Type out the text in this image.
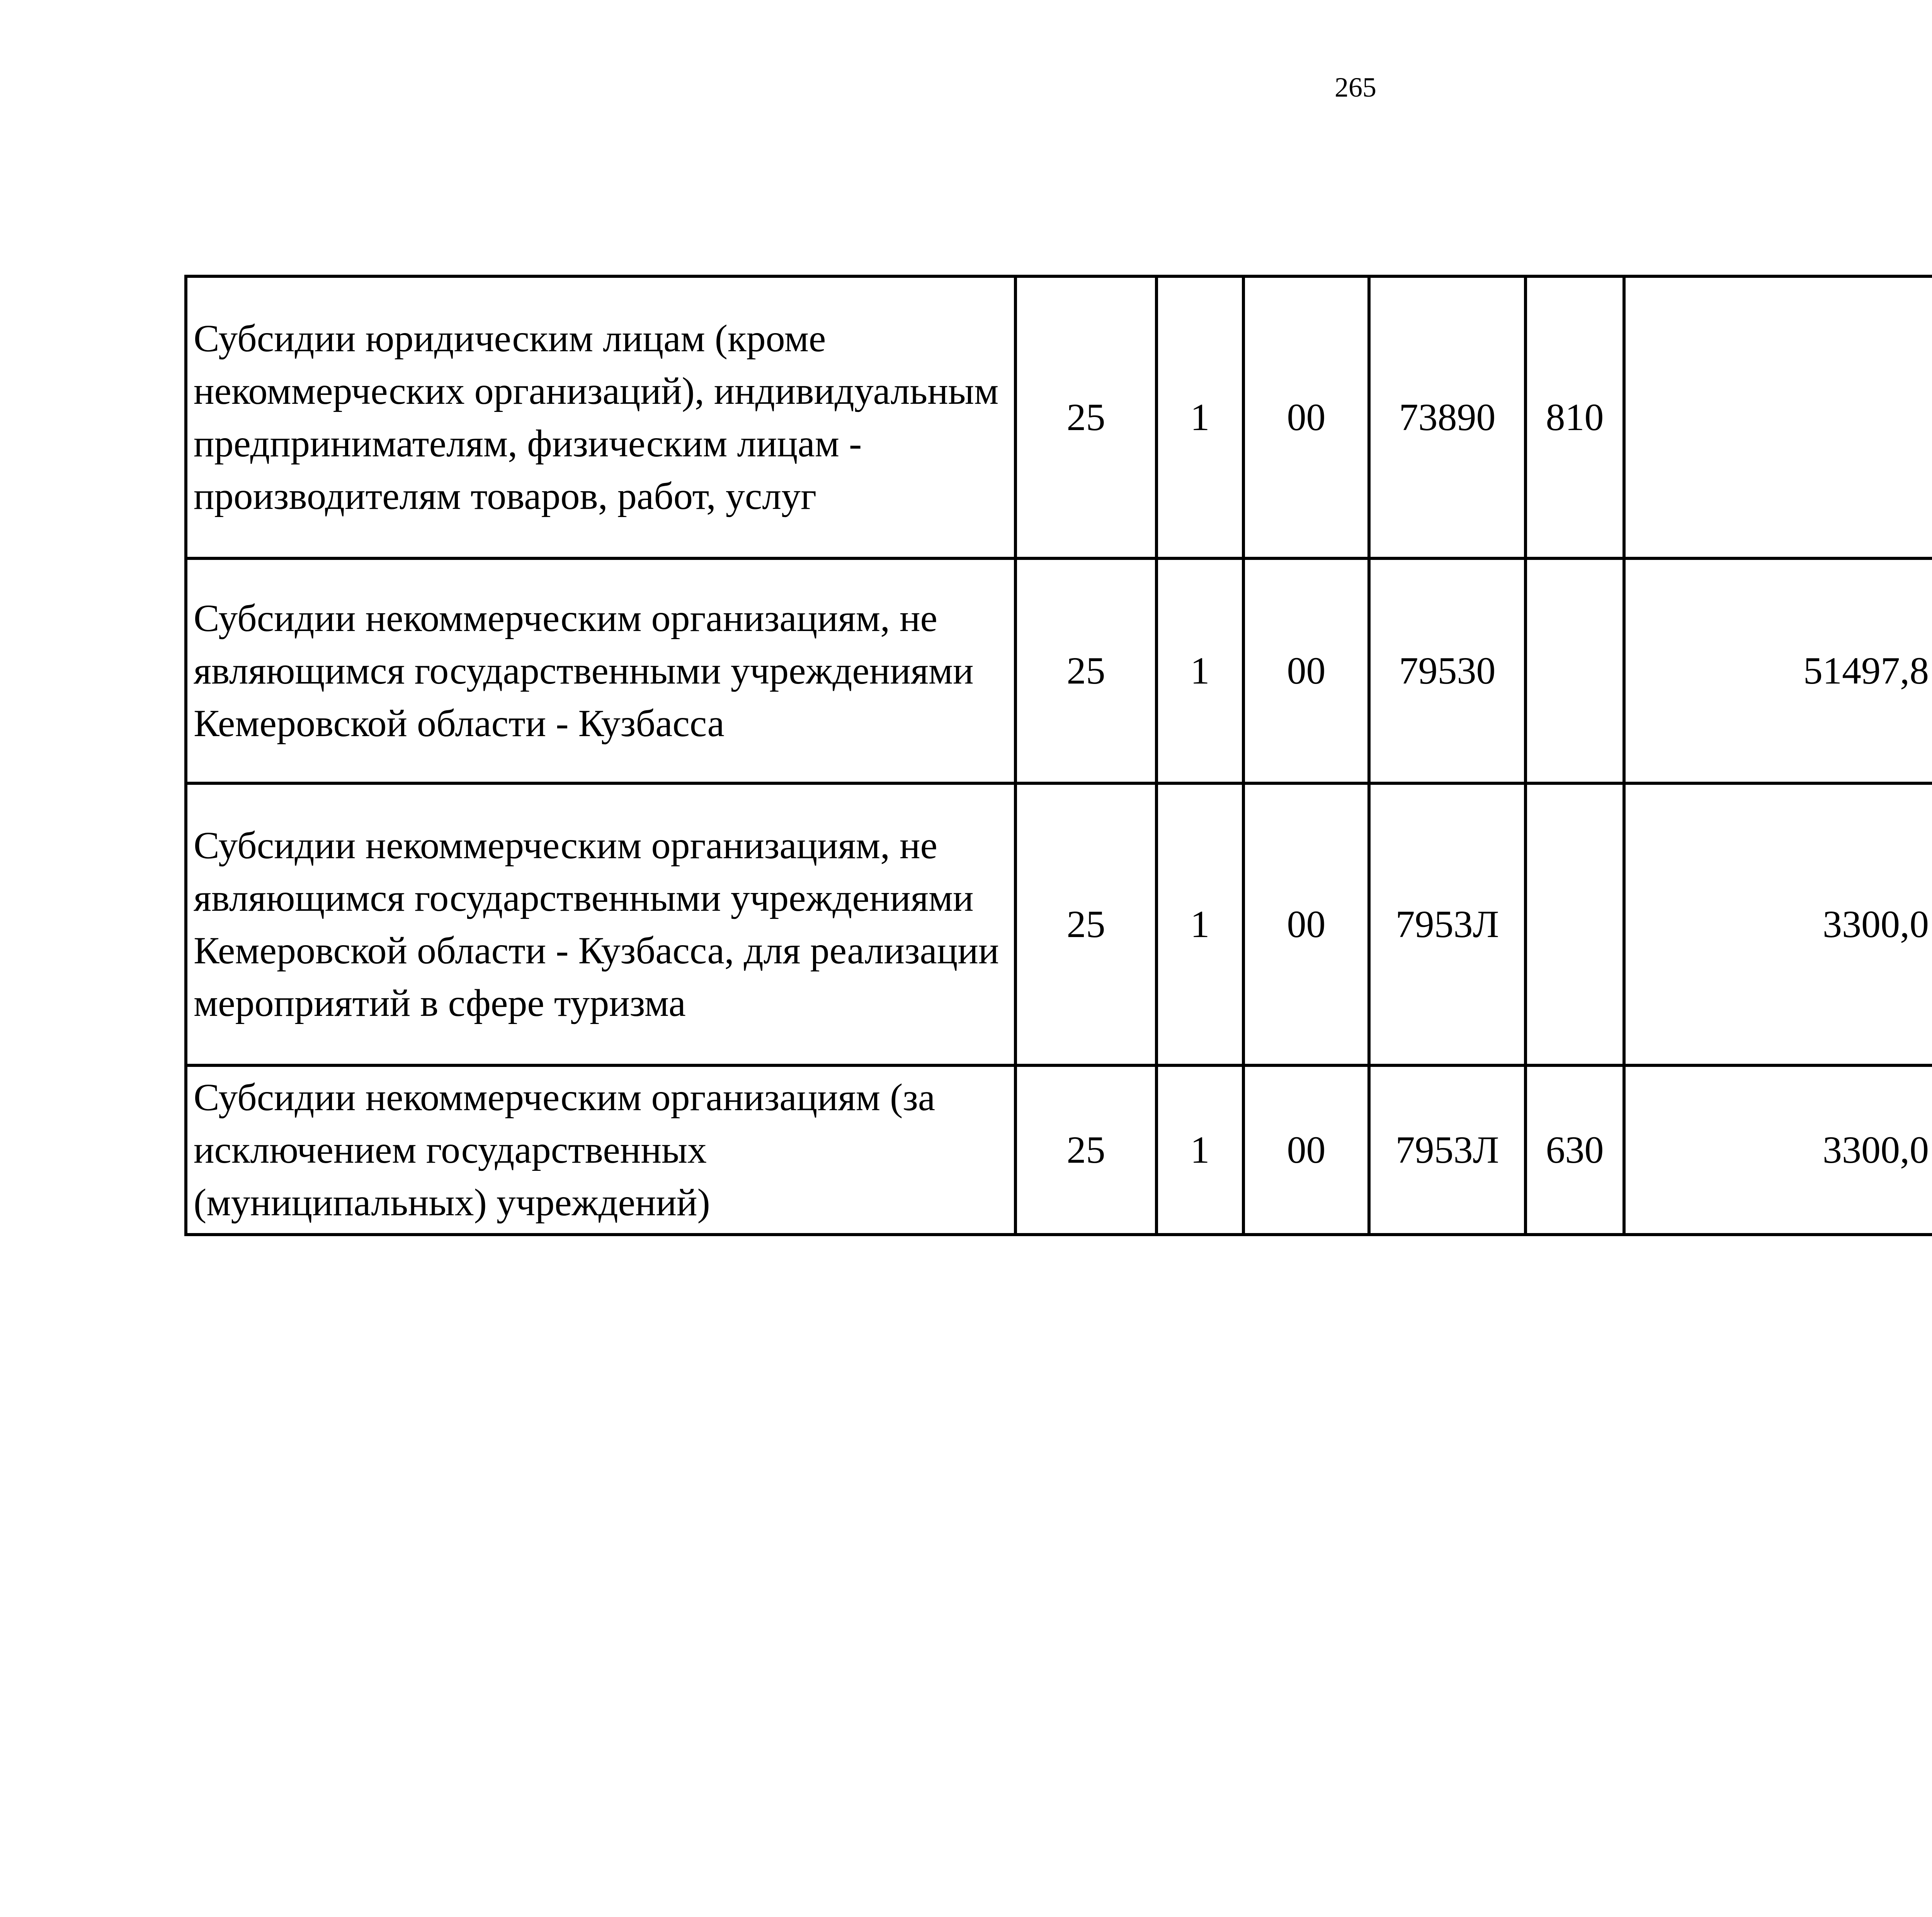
265
Субсидии юридическим лицам (кроме некоммерческих организаций), индивидуальным предпринимателям, физическим лицам - производителям товаров, работ, услуг	25	1	00	73890	810			
Субсидии некоммерческим организациям, не являющимся государственными учреждениями Кемеровской области - Кузбасса	25	1	00	79530		51497,8		
Субсидии некоммерческим организациям, не являющимся государственными учреждениями Кемеровской области - Кузбасса, для реализации мероприятий в сфере туризма	25	1	00	7953Л		3300,0		
Субсидии некоммерческим организациям (за исключением государственных (муниципальных) учреждений)	25	1	00	7953Л	630	3300,0		
